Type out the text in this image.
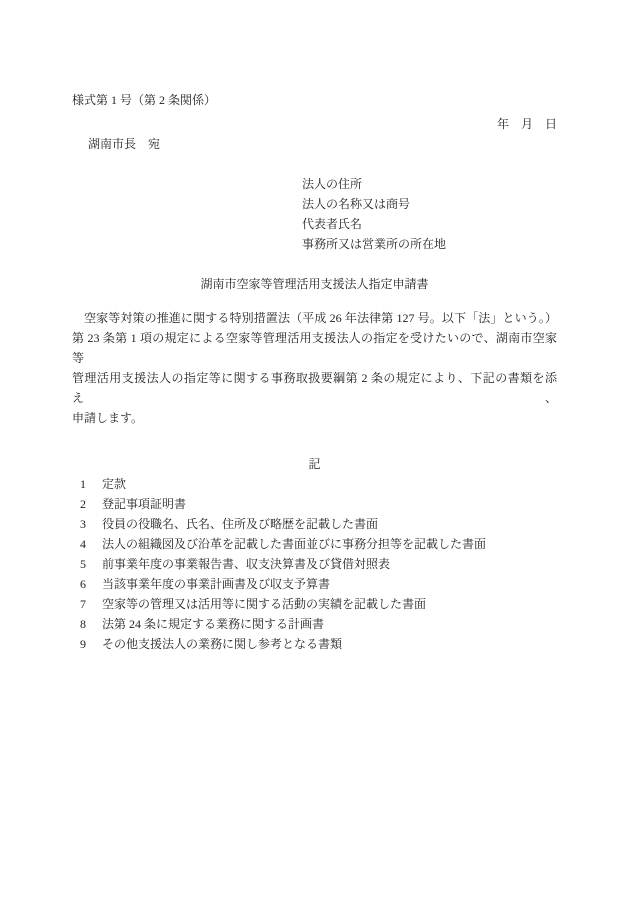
様式第 1 号（第 2 条関係）
年　月　日
湖南市長　宛
法人の住所
法人の名称又は商号
代表者氏名
事務所又は営業所の所在地
湖南市空家等管理活用支援法人指定申請書
空家等対策の推進に関する特別措置法（平成 26 年法律第 127 号。以下「法」という。）
第 23 条第 1 項の規定による空家等管理活用支援法人の指定を受けたいので、湖南市空家等
管理活用支援法人の指定等に関する事務取扱要綱第 2 条の規定により、下記の書類を添え、
申請します。
記
1	定款
2	登記事項証明書
3	役員の役職名、氏名、住所及び略歴を記載した書面
4	法人の組織図及び沿革を記載した書面並びに事務分担等を記載した書面
5	前事業年度の事業報告書、収支決算書及び貸借対照表
6	当該事業年度の事業計画書及び収支予算書
7	空家等の管理又は活用等に関する活動の実績を記載した書面
8	法第 24 条に規定する業務に関する計画書
9	その他支援法人の業務に関し参考となる書類
